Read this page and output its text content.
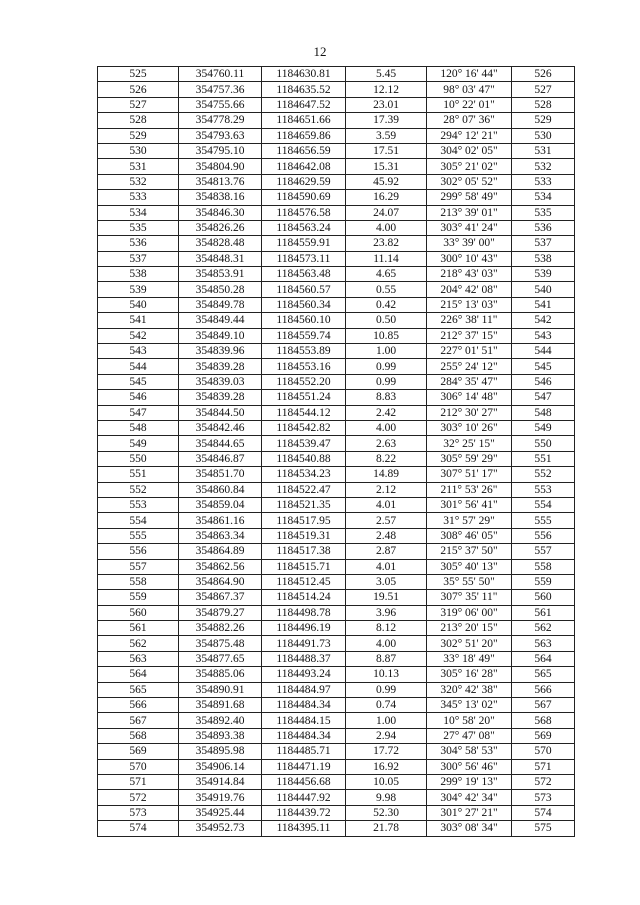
12
525	354760.11	1184630.81	5.45	120° 16' 44"	526
526	354757.36	1184635.52	12.12	98° 03' 47"	527
527	354755.66	1184647.52	23.01	10° 22' 01"	528
528	354778.29	1184651.66	17.39	28° 07' 36"	529
529	354793.63	1184659.86	3.59	294° 12' 21"	530
530	354795.10	1184656.59	17.51	304° 02' 05"	531
531	354804.90	1184642.08	15.31	305° 21' 02"	532
532	354813.76	1184629.59	45.92	302° 05' 52"	533
533	354838.16	1184590.69	16.29	299° 58' 49"	534
534	354846.30	1184576.58	24.07	213° 39' 01"	535
535	354826.26	1184563.24	4.00	303° 41' 24"	536
536	354828.48	1184559.91	23.82	33° 39' 00"	537
537	354848.31	1184573.11	11.14	300° 10' 43"	538
538	354853.91	1184563.48	4.65	218° 43' 03"	539
539	354850.28	1184560.57	0.55	204° 42' 08"	540
540	354849.78	1184560.34	0.42	215° 13' 03"	541
541	354849.44	1184560.10	0.50	226° 38' 11"	542
542	354849.10	1184559.74	10.85	212° 37' 15"	543
543	354839.96	1184553.89	1.00	227° 01' 51"	544
544	354839.28	1184553.16	0.99	255° 24' 12"	545
545	354839.03	1184552.20	0.99	284° 35' 47"	546
546	354839.28	1184551.24	8.83	306° 14' 48"	547
547	354844.50	1184544.12	2.42	212° 30' 27"	548
548	354842.46	1184542.82	4.00	303° 10' 26"	549
549	354844.65	1184539.47	2.63	32° 25' 15"	550
550	354846.87	1184540.88	8.22	305° 59' 29"	551
551	354851.70	1184534.23	14.89	307° 51' 17"	552
552	354860.84	1184522.47	2.12	211° 53' 26"	553
553	354859.04	1184521.35	4.01	301° 56' 41"	554
554	354861.16	1184517.95	2.57	31° 57' 29"	555
555	354863.34	1184519.31	2.48	308° 46' 05"	556
556	354864.89	1184517.38	2.87	215° 37' 50"	557
557	354862.56	1184515.71	4.01	305° 40' 13"	558
558	354864.90	1184512.45	3.05	35° 55' 50"	559
559	354867.37	1184514.24	19.51	307° 35' 11"	560
560	354879.27	1184498.78	3.96	319° 06' 00"	561
561	354882.26	1184496.19	8.12	213° 20' 15"	562
562	354875.48	1184491.73	4.00	302° 51' 20"	563
563	354877.65	1184488.37	8.87	33° 18' 49"	564
564	354885.06	1184493.24	10.13	305° 16' 28"	565
565	354890.91	1184484.97	0.99	320° 42' 38"	566
566	354891.68	1184484.34	0.74	345° 13' 02"	567
567	354892.40	1184484.15	1.00	10° 58' 20"	568
568	354893.38	1184484.34	2.94	27° 47' 08"	569
569	354895.98	1184485.71	17.72	304° 58' 53"	570
570	354906.14	1184471.19	16.92	300° 56' 46"	571
571	354914.84	1184456.68	10.05	299° 19' 13"	572
572	354919.76	1184447.92	9.98	304° 42' 34"	573
573	354925.44	1184439.72	52.30	301° 27' 21"	574
574	354952.73	1184395.11	21.78	303° 08' 34"	575
